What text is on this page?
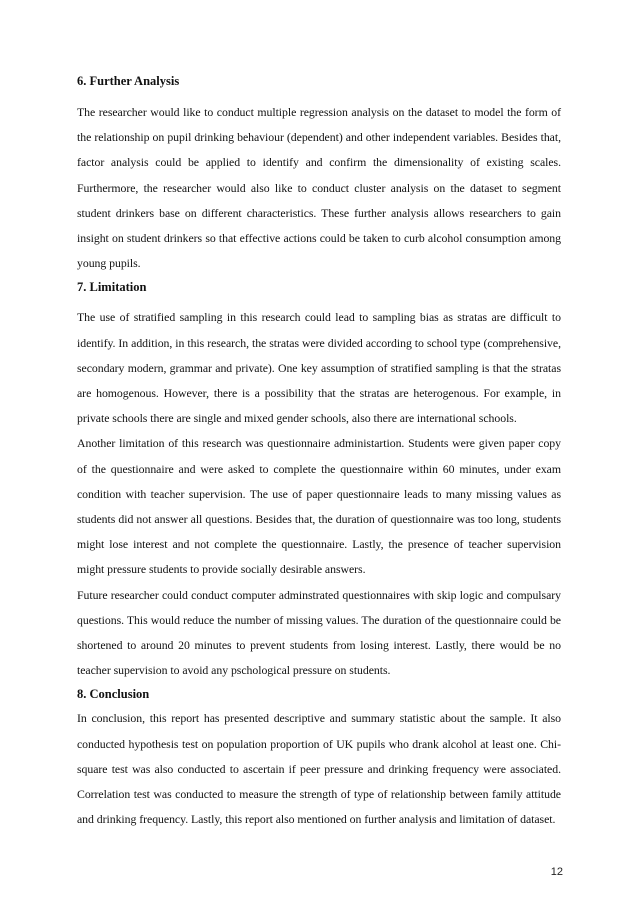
6. Further Analysis

The researcher would like to conduct multiple regression analysis on the dataset to model the form of the relationship on pupil drinking behaviour (dependent) and other independent variables. Besides that, factor analysis could be applied to identify and confirm the dimensionality of existing scales. Furthermore, the researcher would also like to conduct cluster analysis on the dataset to segment student drinkers base on different characteristics. These further analysis allows researchers to gain insight on student drinkers so that effective actions could be taken to curb alcohol consumption among young pupils.

7. Limitation

The use of stratified sampling in this research could lead to sampling bias as stratas are difficult to identify. In addition, in this research, the stratas were divided according to school type (comprehensive, secondary modern, grammar and private). One key assumption of stratified sampling is that the stratas are homogenous. However, there is a possibility that the stratas are heterogenous. For example, in private schools there are single and mixed gender schools, also there are international schools.

Another limitation of this research was questionnaire administartion. Students were given paper copy of the questionnaire and were asked to complete the questionnaire within 60 minutes, under exam condition with teacher supervision. The use of paper questionnaire leads to many missing values as students did not answer all questions. Besides that, the duration of questionnaire was too long, students might lose interest and not complete the questionnaire. Lastly, the presence of teacher supervision might pressure students to provide socially desirable answers.

Future researcher could conduct computer adminstrated questionnaires with skip logic and compulsary questions. This would reduce the number of missing values. The duration of the questionnaire could be shortened to around 20 minutes to prevent students from losing interest. Lastly, there would be no teacher supervision to avoid any pschological pressure on students.

8. Conclusion

In conclusion, this report has presented descriptive and summary statistic about the sample. It also conducted hypothesis test on population proportion of UK pupils who drank alcohol at least one. Chi-square test was also conducted to ascertain if peer pressure and drinking frequency were associated. Correlation test was conducted to measure the strength of type of relationship between family attitude and drinking frequency. Lastly, this report also mentioned on further analysis and limitation of dataset.

12
